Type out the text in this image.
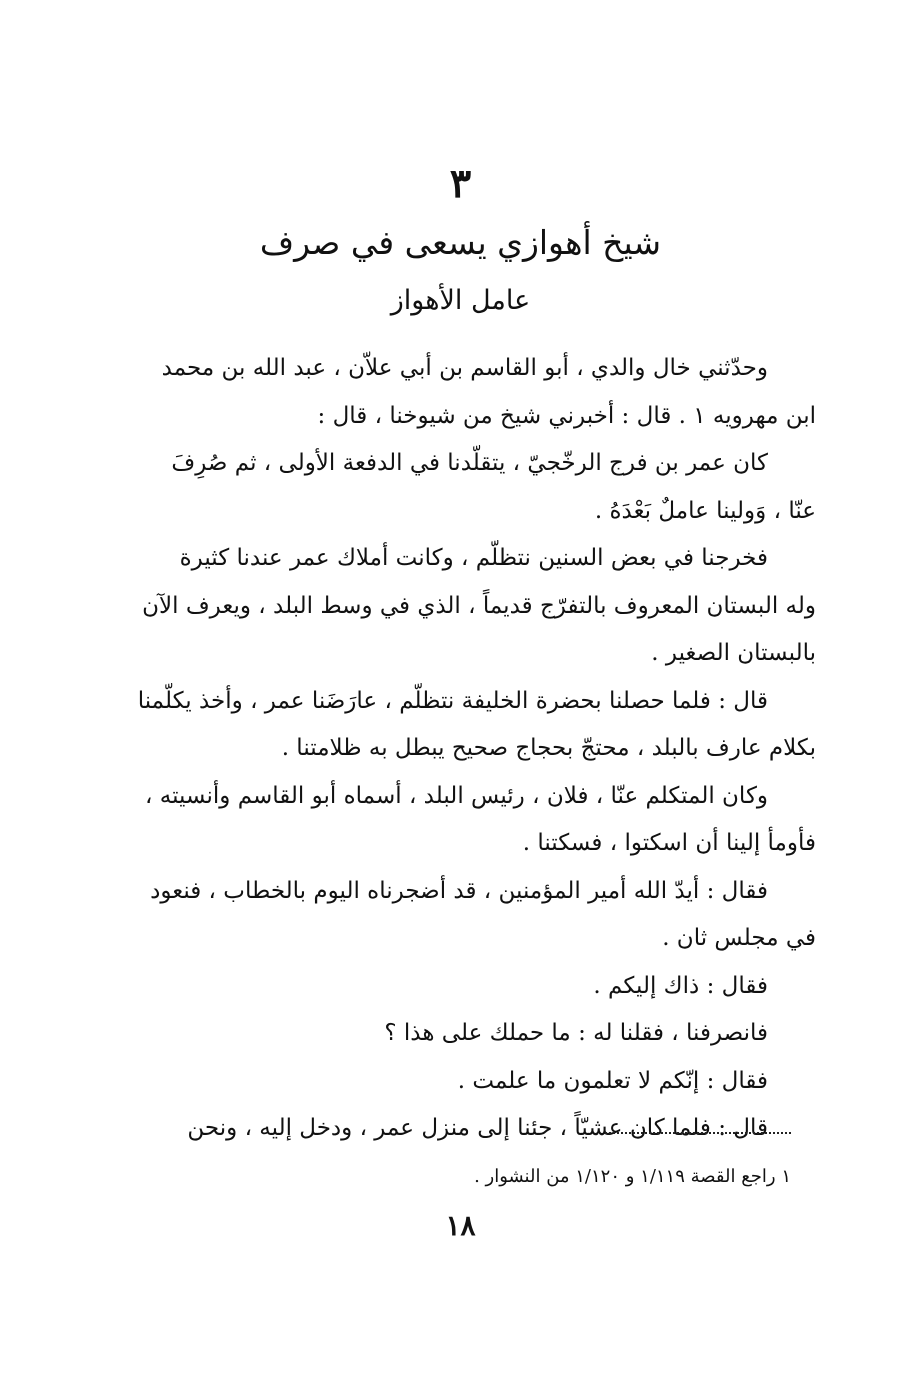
٣
شيخ أهوازي يسعى في صرف
عامل الأهواز

وحدّثني خال والدي ، أبو القاسم بن أبي علاّن ، عبد الله بن محمد

ابن مهرويه ١ . قال : أخبرني شيخ من شيوخنا ، قال :

كان عمر بن فرج الرخّجيّ ، يتقلّدنا في الدفعة الأولى ، ثم صُرِفَ

عنّا ، وَولينا عاملٌ بَعْدَهُ .

فخرجنا في بعض السنين نتظلّم ، وكانت أملاك عمر عندنا كثيرة

وله البستان المعروف بالتفرّج قديماً ، الذي في وسط البلد ، ويعرف الآن

بالبستان الصغير .

قال : فلما حصلنا بحضرة الخليفة نتظلّم ، عارَضَنا عمر ، وأخذ يكلّمنا

بكلام عارف بالبلد ، محتجّ بحجاج صحيح يبطل به ظلامتنا .

وكان المتكلم عنّا ، فلان ، رئيس البلد ، أسماه أبو القاسم وأنسيته ،

فأومأ إلينا أن اسكتوا ، فسكتنا .

فقال : أيدّ الله أمير المؤمنين ، قد أضجرناه اليوم بالخطاب ، فنعود

في مجلس ثان .

فقال : ذاك إليكم .

فانصرفنا ، فقلنا له : ما حملك على هذا ؟

فقال : إنّكم لا تعلمون ما علمت .

قال : فلما كان عشيّاً ، جئنا إلى منزل عمر ، ودخل إليه ، ونحن

١ راجع القصة ١/١١٩ و ١/١٢٠ من النشوار .
١٨
